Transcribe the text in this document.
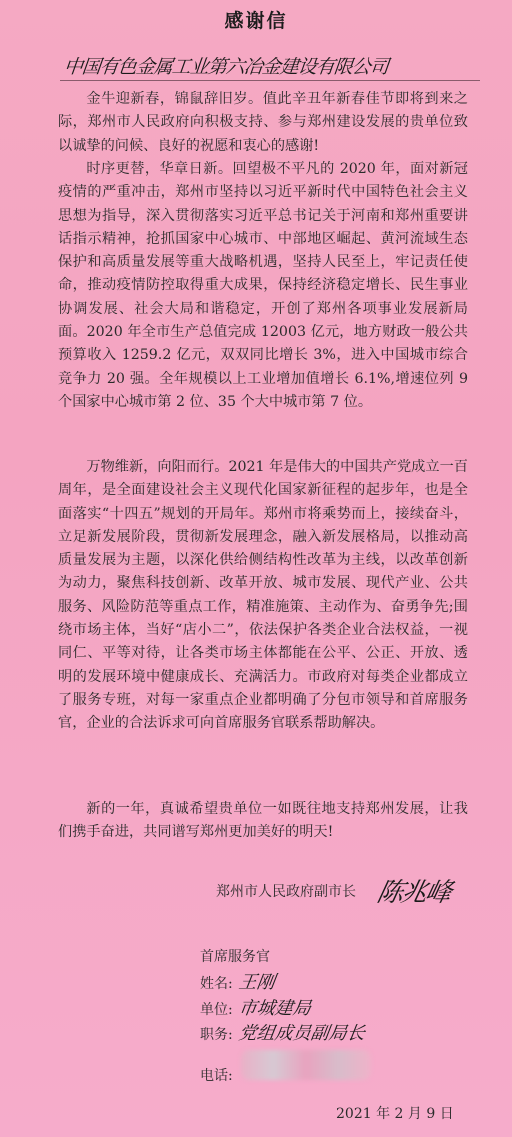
感谢信
中国有色金属工业第六冶金建设有限公司
金牛迎新春，锦鼠辞旧岁。值此辛丑年新春佳节即将到来之际，郑州市人民政府向积极支持、参与郑州建设发展的贵单位致以诚挚的问候、良好的祝愿和衷心的感谢!
时序更替，华章日新。回望极不平凡的 2020 年，面对新冠疫情的严重冲击，郑州市坚持以习近平新时代中国特色社会主义思想为指导，深入贯彻落实习近平总书记关于河南和郑州重要讲话指示精神，抢抓国家中心城市、中部地区崛起、黄河流域生态保护和高质量发展等重大战略机遇，坚持人民至上，牢记责任使命，推动疫情防控取得重大成果，保持经济稳定增长、民生事业协调发展、社会大局和谐稳定，开创了郑州各项事业发展新局面。2020 年全市生产总值完成 12003 亿元，地方财政一般公共预算收入 1259.2 亿元，双双同比增长 3%，进入中国城市综合竞争力 20 强。全年规模以上工业增加值增长 6.1%,增速位列 9 个国家中心城市第 2 位、35 个大中城市第 7 位。
万物维新，向阳而行。2021 年是伟大的中国共产党成立一百周年，是全面建设社会主义现代化国家新征程的起步年，也是全面落实“十四五”规划的开局年。郑州市将乘势而上，接续奋斗，立足新发展阶段，贯彻新发展理念，融入新发展格局，以推动高质量发展为主题，以深化供给侧结构性改革为主线，以改革创新为动力，聚焦科技创新、改革开放、城市发展、现代产业、公共服务、风险防范等重点工作，精准施策、主动作为、奋勇争先;围绕市场主体，当好“店小二”，依法保护各类企业合法权益，一视同仁、平等对待，让各类市场主体都能在公平、公正、开放、透明的发展环境中健康成长、充满活力。市政府对每类企业都成立了服务专班，对每一家重点企业都明确了分包市领导和首席服务官，企业的合法诉求可向首席服务官联系帮助解决。
新的一年，真诚希望贵单位一如既往地支持郑州发展，让我们携手奋进，共同谱写郑州更加美好的明天!
郑州市人民政府副市长 陈兆峰
首席服务官
姓名: 王刚
单位: 市城建局
职务: 党组成员副局长
电话:
2021 年 2 月 9 日
